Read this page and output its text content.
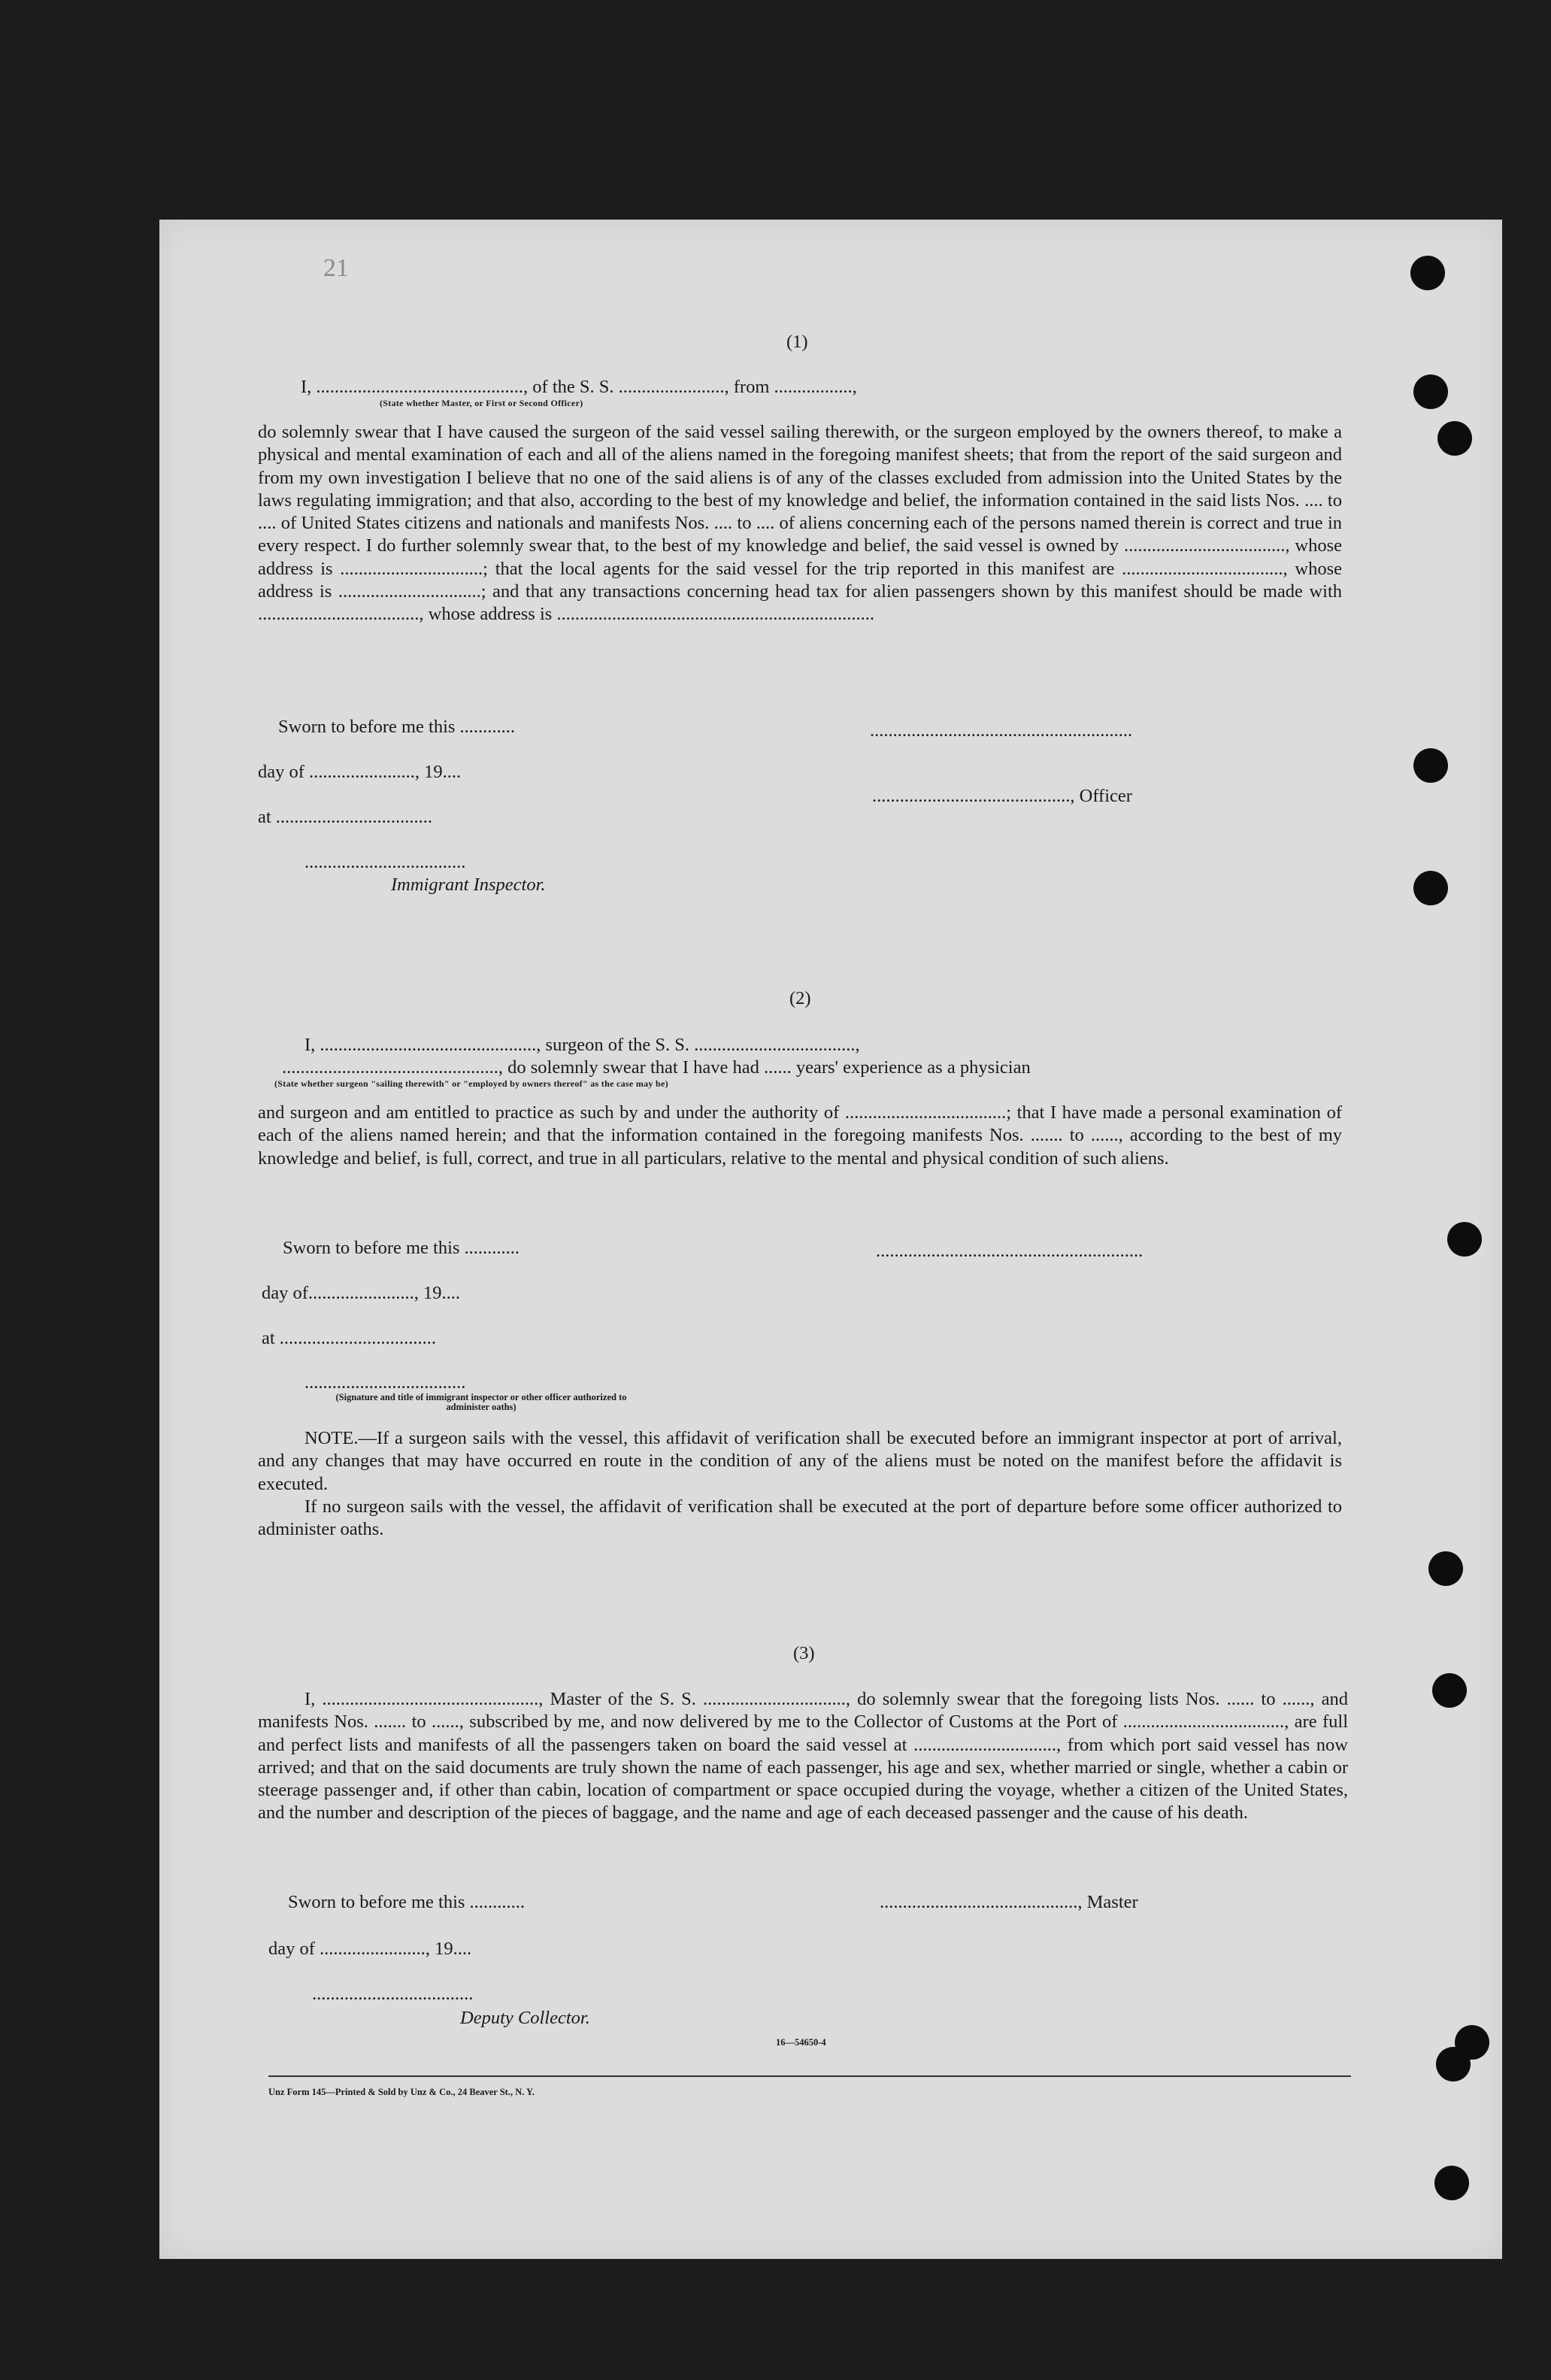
21
(1)
I, ............................................., of the S. S. ......................., from .................,
(State whether Master, or First or Second Officer)

do solemnly swear that I have caused the surgeon of the said vessel sailing therewith, or the surgeon employed by the owners thereof, to make a physical and mental examination of each and all of the aliens named in the foregoing manifest sheets; that from the report of the said surgeon and from my own investigation I believe that no one of the said aliens is of any of the classes excluded from admission into the United States by the laws regulating immigration; and that also, according to the best of my knowledge and belief, the information contained in the said lists Nos. .... to .... of United States citizens and nationals and manifests Nos. .... to .... of aliens concerning each of the persons named therein is correct and true in every respect. I do further solemnly swear that, to the best of my knowledge and belief, the said vessel is owned by ..................................., whose address is ...............................; that the local agents for the said vessel for the trip reported in this manifest are ..................................., whose address is ...............................; and that any transactions concerning head tax for alien passengers shown by this manifest should be made with ..................................., whose address is .....................................................................

Sworn to before me this ............	.........................................................
day of ......................., 19....
..........................................., Officer
at ..................................
...................................
Immigrant Inspector.
(2)
I, ..............................................., surgeon of the S. S. ...................................,
..............................................., do solemnly swear that I have had ...... years' experience as a physician
(State whether surgeon "sailing therewith" or "employed by owners thereof" as the case may be)

and surgeon and am entitled to practice as such by and under the authority of ...................................; that I have made a personal examination of each of the aliens named herein; and that the information contained in the foregoing manifests Nos. ....... to ......, according to the best of my knowledge and belief, is full, correct, and true in all particulars, relative to the mental and physical condition of such aliens.

Sworn to before me this ............	..........................................................
day of......................., 19....
at ..................................
...................................
(Signature and title of immigrant inspector or other officer authorized to administer oaths)

NOTE.—If a surgeon sails with the vessel, this affidavit of verification shall be executed before an immigrant inspector at port of arrival, and any changes that may have occurred en route in the condition of any of the aliens must be noted on the manifest before the affidavit is executed.

If no surgeon sails with the vessel, the affidavit of verification shall be executed at the port of departure before some officer authorized to administer oaths.

(3)

I, ..............................................., Master of the S. S. ..............................., do solemnly swear that the foregoing lists Nos. ...... to ......, and manifests Nos. ....... to ......, subscribed by me, and now delivered by me to the Collector of Customs at the Port of ..................................., are full and perfect lists and manifests of all the passengers taken on board the said vessel at ..............................., from which port said vessel has now arrived; and that on the said documents are truly shown the name of each passenger, his age and sex, whether married or single, whether a cabin or steerage passenger and, if other than cabin, location of compartment or space occupied during the voyage, whether a citizen of the United States, and the number and description of the pieces of baggage, and the name and age of each deceased passenger and the cause of his death.

Sworn to before me this ............	..........................................., Master
day of ......................., 19....
...................................
Deputy Collector.
16—54650-4
Unz Form 145—Printed & Sold by Unz & Co., 24 Beaver St., N. Y.
